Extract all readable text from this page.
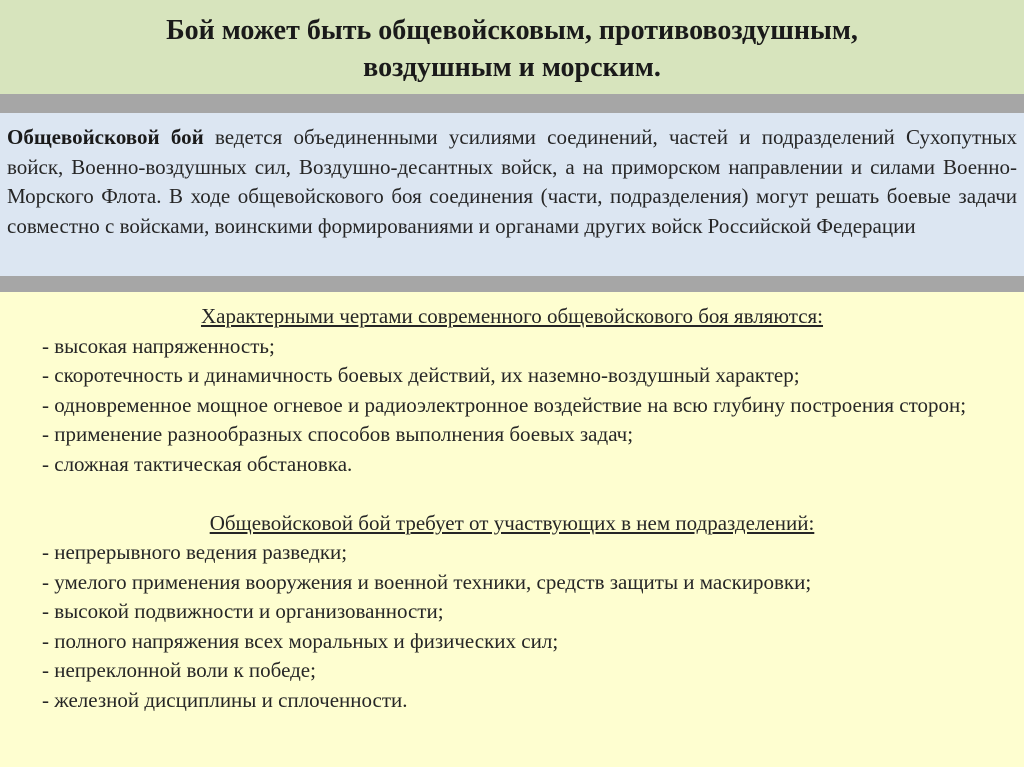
Бой может быть общевойсковым, противовоздушным,
воздушным и морским.
Общевойсковой бой ведется объединенными усилиями соединений, частей и подразделений Сухопутных войск, Военно-воздушных сил, Воздушно-десантных войск, а на приморском направлении и силами Военно-Морского Флота. В ходе общевойскового боя соединения (части, подразделения) могут решать боевые задачи совместно с войсками, воинскими формированиями и органами других войск Российской Федерации
Характерными чертами современного общевойскового боя являются:
- высокая напряженность;
- скоротечность и динамичность боевых действий, их наземно-воздушный характер;
- одновременное мощное огневое и радиоэлектронное воздействие на всю глубину построения сторон;
- применение разнообразных способов выполнения боевых задач;
- сложная тактическая обстановка.
Общевойсковой бой требует от участвующих в нем подразделений:
- непрерывного ведения разведки;
- умелого применения вооружения и военной техники, средств защиты и маскировки;
- высокой подвижности и организованности;
- полного напряжения всех моральных и физических сил;
- непреклонной воли к победе;
- железной дисциплины и сплоченности.
